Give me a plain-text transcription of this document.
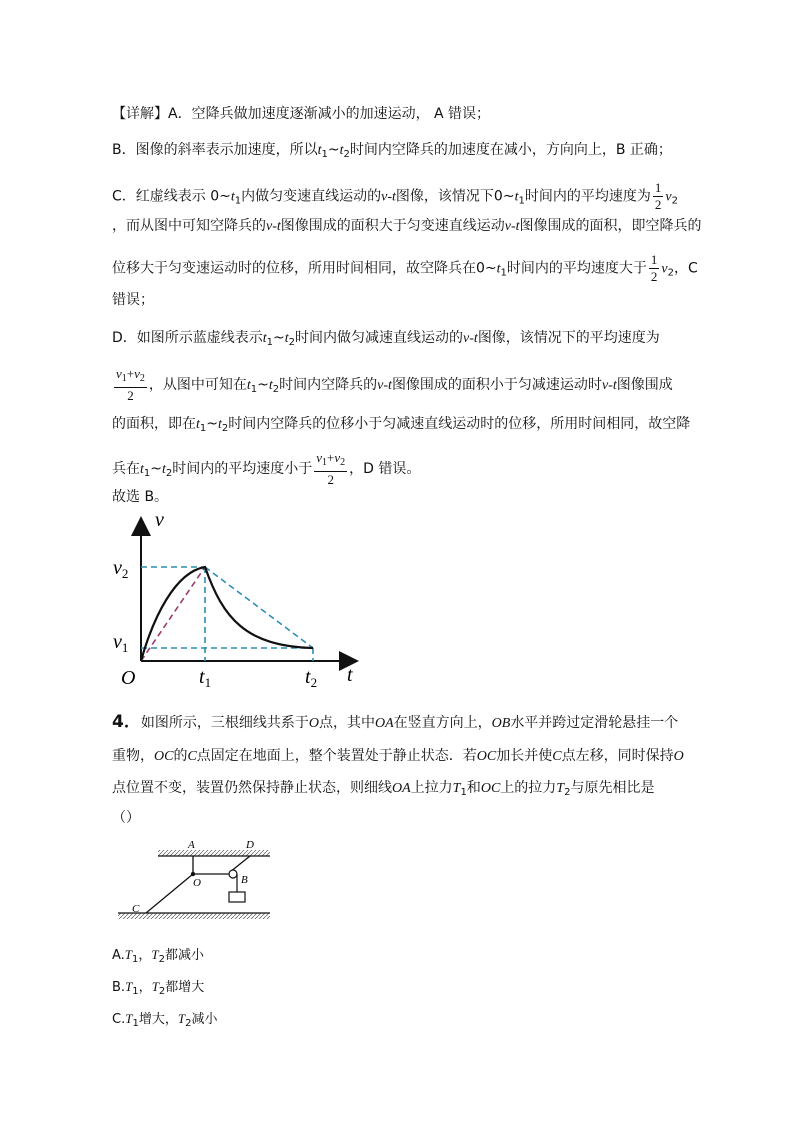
【详解】A．空降兵做加速度逐渐减小的加速运动， A 错误；
B．图像的斜率表示加速度，所以$t_1\sim t_2$时间内空降兵的加速度在减小，方向向上，B 正确；
C．红虚线表示 $0\sim t_1$内做匀变速直线运动的v-t图像，该情况下$0\sim t_1$时间内的平均速度为 $\frac{1}{2} v_2$
，而从图中可知空降兵的v-t图像围成的面积大于匀变速直线运动v-t图像围成的面积，即空降兵的
位移大于匀变速运动时的位移，所用时间相同，故空降兵在$0\sim t_1$时间内的平均速度大于 $\frac{1}{2} v_2$，C
错误；
D．如图所示蓝虚线表示$t_1\sim t_2$时间内做匀减速直线运动的v-t图像，该情况下的平均速度为
$\frac{v_1+v_2}{2}$ ，从图中可知在$t_1\sim t_2$时间内空降兵的v-t图像围成的面积小于匀减速运动时v-t图像围成
的面积，即在$t_1\sim t_2$时间内空降兵的位移小于匀减速直线运动时的位移，所用时间相同，故空降
兵在$t_1\sim t_2$时间内的平均速度小于 $\frac{v_1+v_2}{2}$ ，D 错误。
故选 B。
v
t
O
$v_2$
$v_1$
$t_1$	$t_2$
4．如图所示，三根细线共系于O点，其中OA在竖直方向上，OB水平并跨过定滑轮悬挂一个
重物，OC的C点固定在地面上，整个装置处于静止状态．若OC加长并使C点左移，同时保持O
点位置不变，装置仍然保持静止状态，则细线OA上拉力$T_1$和OC上的拉力$T_2$与原先相比是
（）
A	D
O	B
C
$A.T_1$，$T_2$都减小
$B.T_1$，$T_2$都增大
$C.T_1$增大，$T_2$减小
